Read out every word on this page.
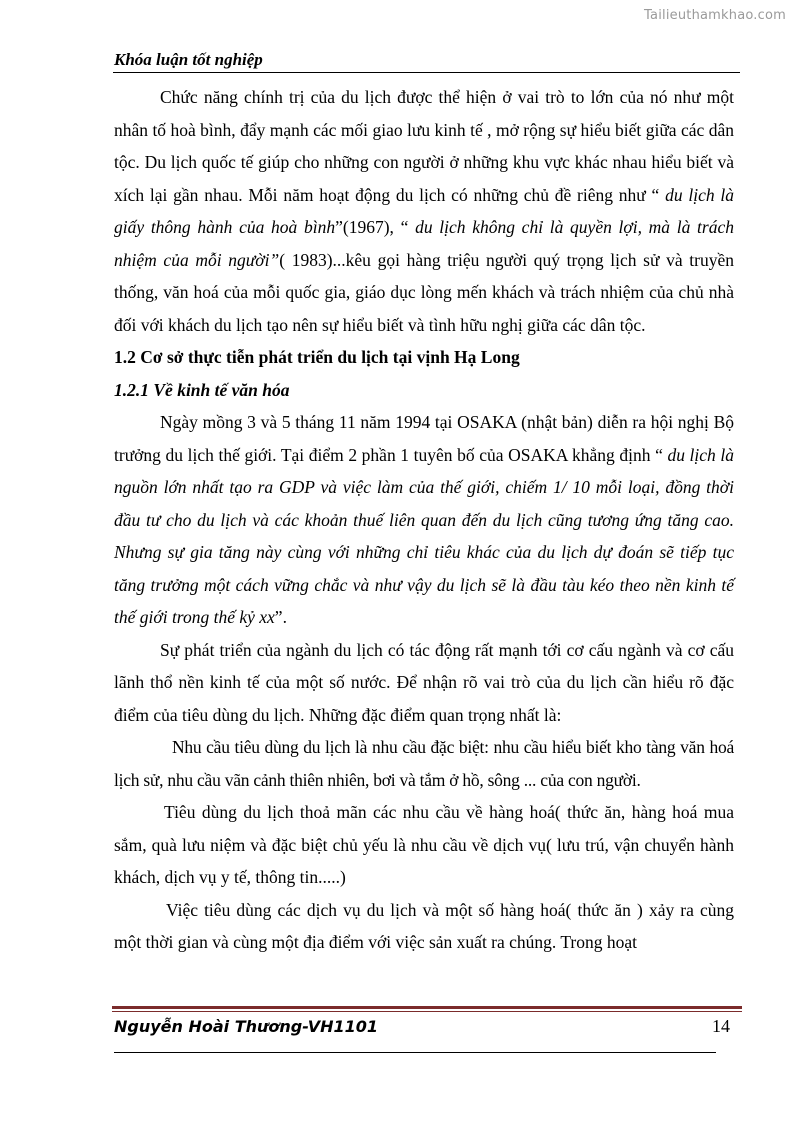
Tailieuthamkhao.com
Khóa luận tốt nghiệp

Chức năng chính trị của du lịch được thể hiện ở vai trò to lớn của nó như một nhân tố hoà bình, đẩy mạnh các mối giao lưu kinh tế , mở rộng sự hiểu biết giữa các dân tộc. Du lịch quốc tế giúp cho những con người ở những khu vực khác nhau hiểu biết và xích lại gần nhau. Mỗi năm hoạt động du lịch có những chủ đề riêng như “ du lịch là giấy thông hành của hoà bình”(1967), “ du lịch không chỉ là quyền lợi, mà là trách nhiệm của mỗi người”( 1983)...kêu gọi hàng triệu người quý trọng lịch sử và truyền thống, văn hoá của mỗi quốc gia, giáo dục lòng mến khách và trách nhiệm của chủ nhà đối với khách du lịch tạo nên sự hiểu biết và tình hữu nghị giữa các dân tộc.

1.2 Cơ sở thực tiễn phát triển du lịch tại vịnh Hạ Long
1.2.1 Về kinh tế văn hóa

Ngày mồng 3 và 5 tháng 11 năm 1994 tại OSAKA (nhật bản) diễn ra hội nghị Bộ trưởng du lịch thế giới. Tại điểm 2 phần 1 tuyên bố của OSAKA khẳng định “ du lịch là nguồn lớn nhất tạo ra GDP và việc làm của thế giới, chiếm 1/ 10 mỗi loại, đồng thời đầu tư cho du lịch và các khoản thuế liên quan đến du lịch cũng tương ứng tăng cao. Nhưng sự gia tăng này cùng với những chỉ tiêu khác của du lịch dự đoán sẽ tiếp tục tăng trưởng một cách vững chắc và như vậy du lịch sẽ là đầu tàu kéo theo nền kinh tế thế giới trong thế kỷ xx”.

Sự phát triển của ngành du lịch có tác động rất mạnh tới cơ cấu ngành và cơ cấu lãnh thổ nền kinh tế của một số nước. Để nhận rõ vai trò của du lịch cần hiểu rõ đặc điểm của tiêu dùng du lịch. Những đặc điểm quan trọng nhất là:

Nhu cầu tiêu dùng du lịch là nhu cầu đặc biệt: nhu cầu hiểu biết kho tàng văn hoá lịch sử, nhu cầu vãn cảnh thiên nhiên, bơi và tắm ở hồ, sông ... của con người.

Tiêu dùng du lịch thoả mãn các nhu cầu về hàng hoá( thức ăn, hàng hoá mua sắm, quà lưu niệm và đặc biệt chủ yếu là nhu cầu về dịch vụ( lưu trú, vận chuyển hành khách, dịch vụ y tế, thông tin.....)

Việc tiêu dùng các dịch vụ du lịch và một số hàng hoá( thức ăn ) xảy ra cùng một thời gian và cùng một địa điểm với việc sản xuất ra chúng. Trong hoạt

Nguyễn Hoài Thương-VH1101	14
